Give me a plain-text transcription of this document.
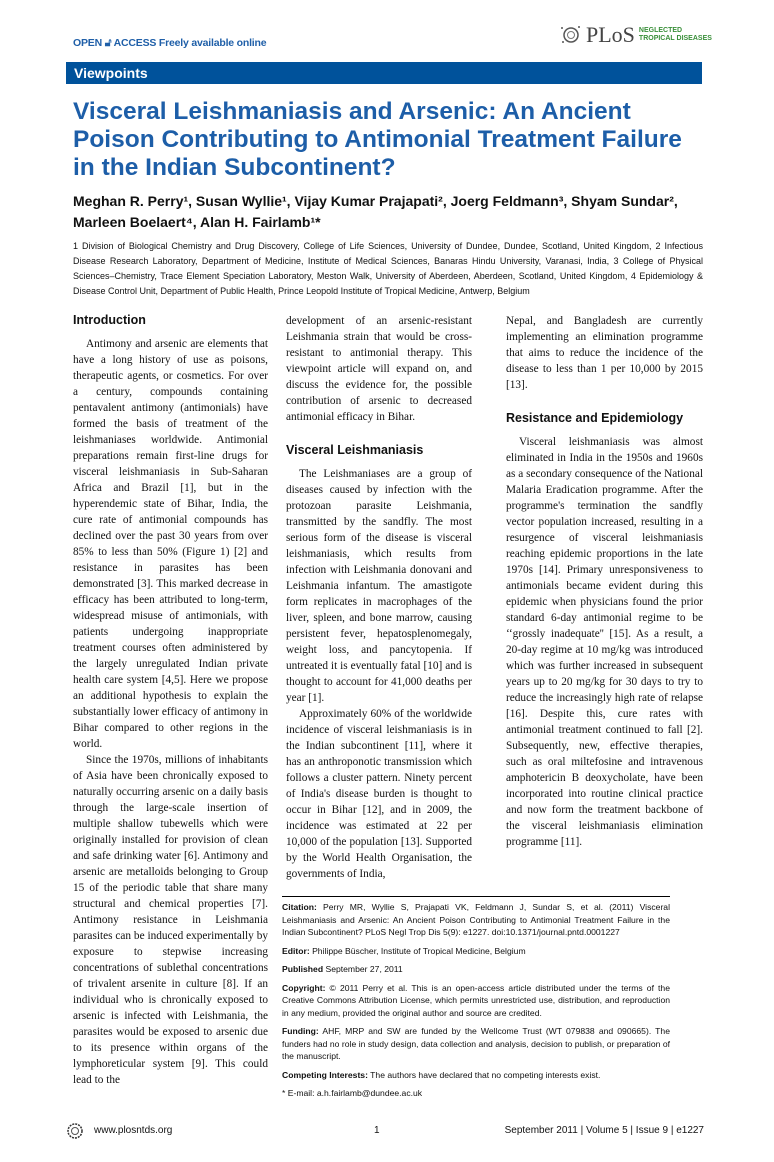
OPEN 🔓︎ ACCESS Freely available online	PLoS NEGLECTED
TROPICAL DISEASES
Viewpoints
Visceral Leishmaniasis and Arsenic: An Ancient Poison Contributing to Antimonial Treatment Failure in the Indian Subcontinent?
Meghan R. Perry¹, Susan Wyllie¹, Vijay Kumar Prajapati², Joerg Feldmann³, Shyam Sundar², Marleen Boelaert⁴, Alan H. Fairlamb¹*
1 Division of Biological Chemistry and Drug Discovery, College of Life Sciences, University of Dundee, Dundee, Scotland, United Kingdom, 2 Infectious Disease Research Laboratory, Department of Medicine, Institute of Medical Sciences, Banaras Hindu University, Varanasi, India, 3 College of Physical Sciences–Chemistry, Trace Element Speciation Laboratory, Meston Walk, University of Aberdeen, Aberdeen, Scotland, United Kingdom, 4 Epidemiology & Disease Control Unit, Department of Public Health, Prince Leopold Institute of Tropical Medicine, Antwerp, Belgium
Introduction

Antimony and arsenic are elements that have a long history of use as poisons, therapeutic agents, or cosmetics. For over a century, compounds containing pentavalent antimony (antimonials) have formed the basis of treatment of the leishmaniases worldwide. Antimonial preparations remain first-line drugs for visceral leishmaniasis in Sub-Saharan Africa and Brazil [1], but in the hyperendemic state of Bihar, India, the cure rate of antimonial compounds has declined over the past 30 years from over 85% to less than 50% (Figure 1) [2] and resistance in parasites has been demonstrated [3]. This marked decrease in efficacy has been attributed to long-term, widespread misuse of antimonials, with patients undergoing inappropriate treatment courses often administered by the largely unregulated Indian private health care system [4,5]. Here we propose an additional hypothesis to explain the substantially lower efficacy of antimony in Bihar compared to other regions in the world.

Since the 1970s, millions of inhabitants of Asia have been chronically exposed to naturally occurring arsenic on a daily basis through the large-scale insertion of multiple shallow tubewells which were originally installed for provision of clean and safe drinking water [6]. Antimony and arsenic are metalloids belonging to Group 15 of the periodic table that share many structural and chemical properties [7]. Antimony resistance in Leishmania parasites can be induced experimentally by exposure to stepwise increasing concentrations of sublethal concentrations of trivalent arsenite in culture [8]. If an individual who is chronically exposed to arsenic is infected with Leishmania, the parasites would be exposed to arsenic due to its presence within organs of the lymphoreticular system [9]. This could lead to the

development of an arsenic-resistant Leishmania strain that would be cross-resistant to antimonial therapy. This viewpoint article will expand on, and discuss the evidence for, the possible contribution of arsenic to decreased antimonial efficacy in Bihar.

Visceral Leishmaniasis

The Leishmaniases are a group of diseases caused by infection with the protozoan parasite Leishmania, transmitted by the sandfly. The most serious form of the disease is visceral leishmaniasis, which results from infection with Leishmania donovani and Leishmania infantum. The amastigote form replicates in macrophages of the liver, spleen, and bone marrow, causing persistent fever, hepatosplenomegaly, weight loss, and pancytopenia. If untreated it is eventually fatal [10] and is thought to account for 41,000 deaths per year [1].

Approximately 60% of the worldwide incidence of visceral leishmaniasis is in the Indian subcontinent [11], where it has an anthroponotic transmission which follows a cluster pattern. Ninety percent of India's disease burden is thought to occur in Bihar [12], and in 2009, the incidence was estimated at 22 per 10,000 of the population [13]. Supported by the World Health Organisation, the governments of India,

Nepal, and Bangladesh are currently implementing an elimination programme that aims to reduce the incidence of the disease to less than 1 per 10,000 by 2015 [13].

Resistance and Epidemiology

Visceral leishmaniasis was almost eliminated in India in the 1950s and 1960s as a secondary consequence of the National Malaria Eradication programme. After the programme's termination the sandfly vector population increased, resulting in a resurgence of visceral leishmaniasis reaching epidemic proportions in the late 1970s [14]. Primary unresponsiveness to antimonials became evident during this epidemic when physicians found the prior standard 6-day antimonial regime to be ‘‘grossly inadequate'' [15]. As a result, a 20-day regime at 10 mg/kg was introduced which was further increased in subsequent years up to 20 mg/kg for 30 days to try to reduce the increasingly high rate of relapse [16]. Despite this, cure rates with antimonial treatment continued to fall [2]. Subsequently, new, effective therapies, such as oral miltefosine and intravenous amphotericin B deoxycholate, have been incorporated into routine clinical practice and now form the treatment backbone of the visceral leishmaniasis elimination programme [11].

Citation: Perry MR, Wyllie S, Prajapati VK, Feldmann J, Sundar S, et al. (2011) Visceral Leishmaniasis and Arsenic: An Ancient Poison Contributing to Antimonial Treatment Failure in the Indian Subcontinent? PLoS Negl Trop Dis 5(9): e1227. doi:10.1371/journal.pntd.0001227
Editor: Philippe Büscher, Institute of Tropical Medicine, Belgium
Published September 27, 2011
Copyright: © 2011 Perry et al. This is an open-access article distributed under the terms of the Creative Commons Attribution License, which permits unrestricted use, distribution, and reproduction in any medium, provided the original author and source are credited.
Funding: AHF, MRP and SW are funded by the Wellcome Trust (WT 079838 and 090665). The funders had no role in study design, data collection and analysis, decision to publish, or preparation of the manuscript.
Competing Interests: The authors have declared that no competing interests exist.
* E-mail: a.h.fairlamb@dundee.ac.uk
www.plosntds.org	1	September 2011 | Volume 5 | Issue 9 | e1227
